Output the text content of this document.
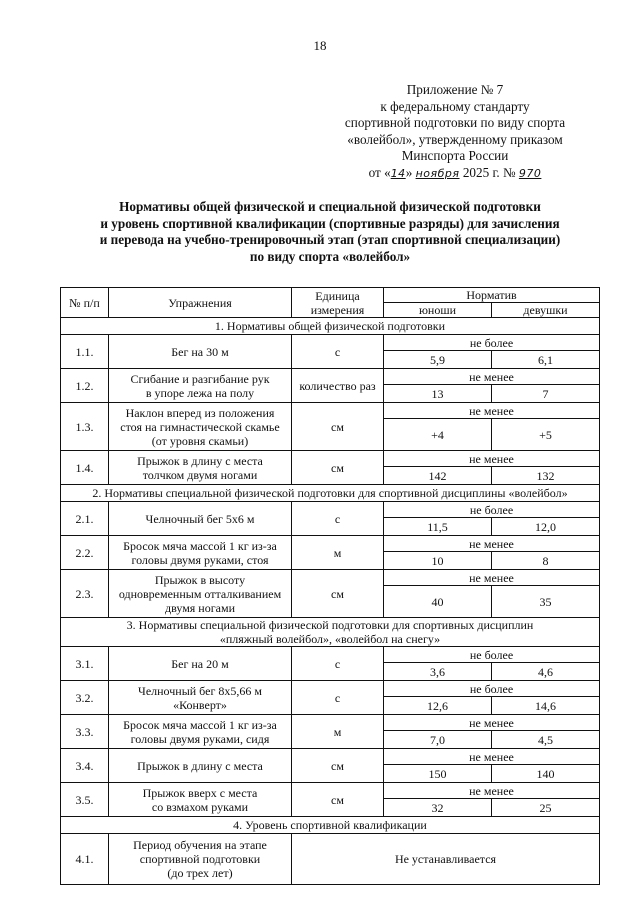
18
Приложение № 7
к федеральному стандарту
спортивной подготовки по виду спорта
«волейбол», утвержденному приказом
Минспорта России
от «14» ноября 2025 г. № 970
Нормативы общей физической и специальной физической подготовки
и уровень спортивной квалификации (спортивные разряды) для зачисления
и перевода на учебно-тренировочный этап (этап спортивной специализации)
по виду спорта «волейбол»
№ п/п	Упражнения	Единица измерения	Норматив	
			юноши	девушки
1. Нормативы общей физической подготовки				
1.1.	Бег на 30 м	с	не более	
			5,9	6,1
1.2.	Сгибание и разгибание рук
в упоре лежа на полу	количество раз	не менее	
			13	7
1.3.	Наклон вперед из положения
стоя на гимнастической скамье
(от уровня скамьи)	см	не менее	
			+4	+5
1.4.	Прыжок в длину с места
толчком двумя ногами	см	не менее	
			142	132
2. Нормативы специальной физической подготовки для спортивной дисциплины «волейбол»				
2.1.	Челночный бег 5х6 м	с	не более	
			11,5	12,0
2.2.	Бросок мяча массой 1 кг из-за
головы двумя руками, стоя	м	не менее	
			10	8
2.3.	Прыжок в высоту
одновременным отталкиванием
двумя ногами	см	не менее	
			40	35

3. Нормативы специальной физической подготовки для спортивных дисциплин
«пляжный волейбол», «волейбол на снегу»				

3.1.	Бег на 20 м	с	не более	
			3,6	4,6
3.2.	Челночный бег 8х5,66 м
«Конверт»	с	не более	
			12,6	14,6
3.3.	Бросок мяча массой 1 кг из-за
головы двумя руками, сидя	м	не менее	
			7,0	4,5
3.4.	Прыжок в длину с места	см	не менее	
			150	140
3.5.	Прыжок вверх с места
со взмахом руками	см	не менее	
			32	25
4. Уровень спортивной квалификации				
4.1.	Период обучения на этапе
спортивной подготовки
(до трех лет)	Не устанавливается		
